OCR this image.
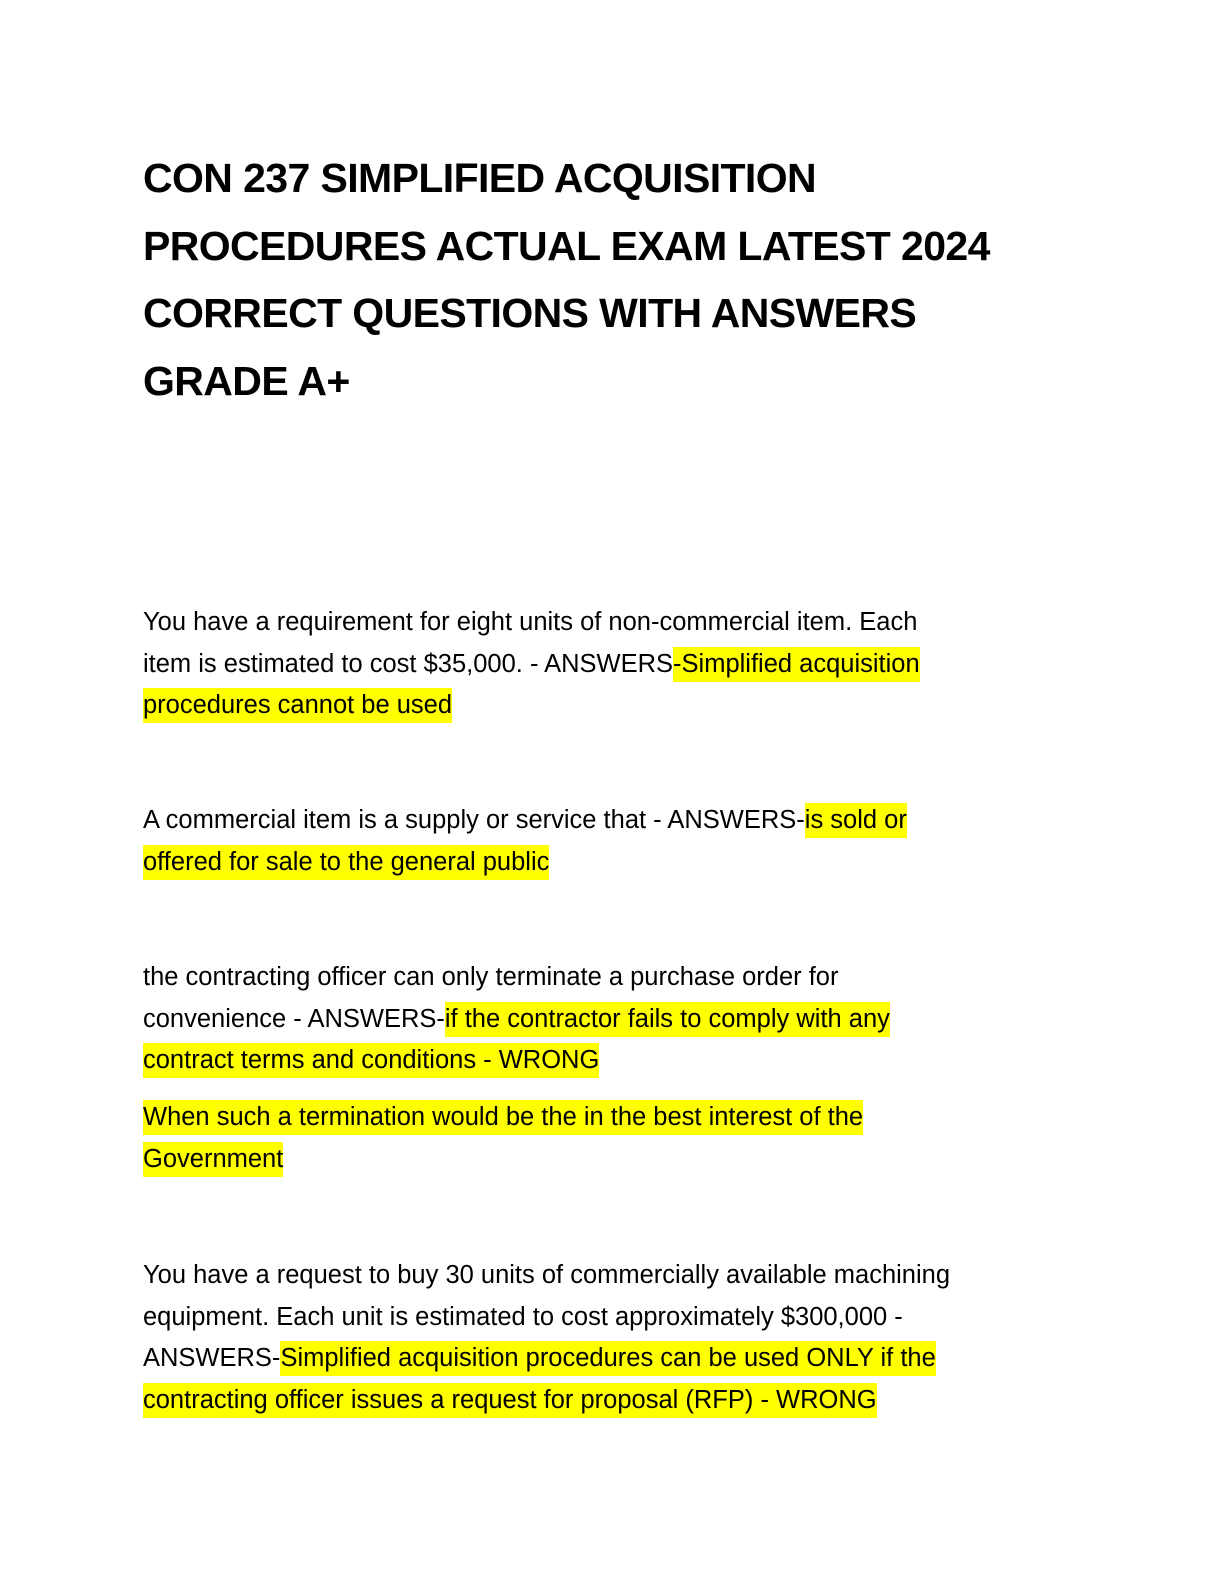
CON 237 SIMPLIFIED ACQUISITION
PROCEDURES ACTUAL EXAM LATEST 2024
CORRECT QUESTIONS WITH ANSWERS
GRADE A+

You have a requirement for eight units of non-commercial item. Each
item is estimated to cost $35,000. - ANSWERS-Simplified acquisition
procedures cannot be used

A commercial item is a supply or service that - ANSWERS-is sold or
offered for sale to the general public

the contracting officer can only terminate a purchase order for
convenience - ANSWERS-if the contractor fails to comply with any
contract terms and conditions - WRONG

When such a termination would be the in the best interest of the
Government

You have a request to buy 30 units of commercially available machining
equipment. Each unit is estimated to cost approximately $300,000 -
ANSWERS-Simplified acquisition procedures can be used ONLY if the
contracting officer issues a request for proposal (RFP) - WRONG
